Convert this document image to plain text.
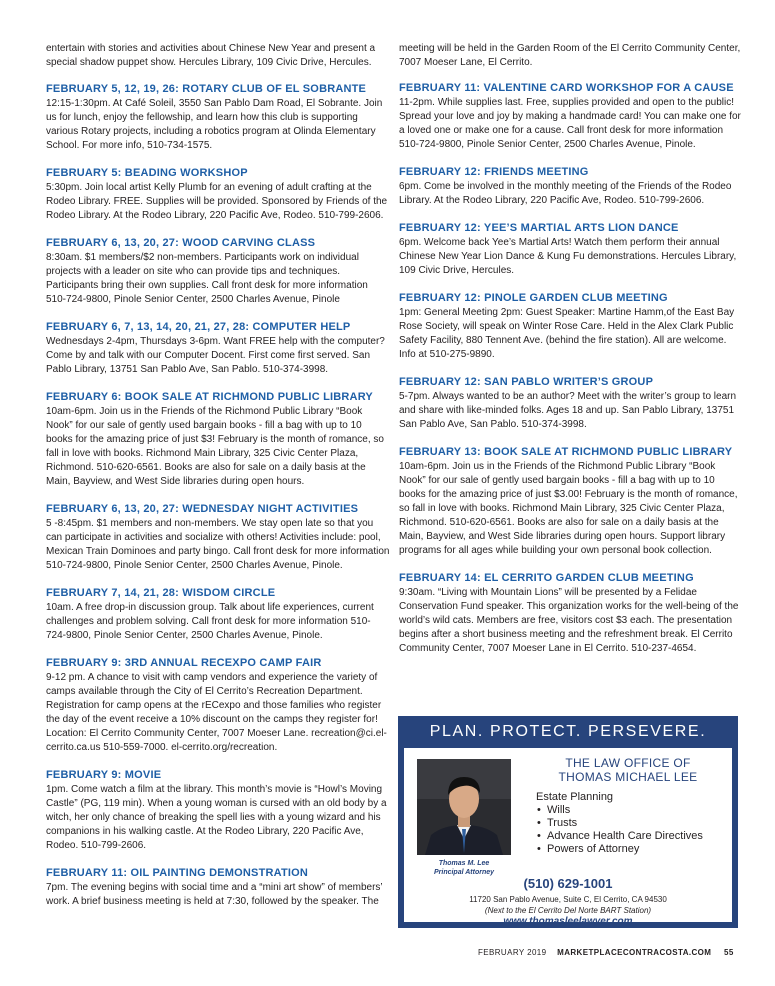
entertain with stories and activities about Chinese New Year and present a special shadow puppet show. Hercules Library, 109 Civic Drive, Hercules.

FEBRUARY 5, 12, 19, 26: ROTARY CLUB OF EL SOBRANTE

12:15-1:30pm. At Café Soleil, 3550 San Pablo Dam Road, El Sobrante. Join us for lunch, enjoy the fellowship, and learn how this club is supporting various Rotary projects, including a robotics program at Olinda Elementary School. For more info, 510-734-1575.

FEBRUARY 5: BEADING WORKSHOP

5:30pm. Join local artist Kelly Plumb for an evening of adult crafting at the Rodeo Library. FREE. Supplies will be provided. Sponsored by Friends of the Rodeo Library. At the Rodeo Library, 220 Pacific Ave, Rodeo. 510-799-2606.

FEBRUARY 6, 13, 20, 27: WOOD CARVING CLASS

8:30am. $1 members/$2 non-members. Participants work on individual projects with a leader on site who can provide tips and techniques. Participants bring their own supplies. Call front desk for more information 510-724-9800, Pinole Senior Center, 2500 Charles Avenue, Pinole

FEBRUARY 6, 7, 13, 14, 20, 21, 27, 28: COMPUTER HELP

Wednesdays 2-4pm, Thursdays 3-6pm. Want FREE help with the computer? Come by and talk with our Computer Docent. First come first served. San Pablo Library, 13751 San Pablo Ave, San Pablo. 510-374-3998.

FEBRUARY 6: BOOK SALE AT RICHMOND PUBLIC LIBRARY

10am-6pm. Join us in the Friends of the Richmond Public Library “Book Nook” for our sale of gently used bargain books - fill a bag with up to 10 books for the amazing price of just $3! February is the month of romance, so fall in love with books. Richmond Main Library, 325 Civic Center Plaza, Richmond. 510-620-6561. Books are also for sale on a daily basis at the Main, Bayview, and West Side libraries during open hours.

FEBRUARY 6, 13, 20, 27: WEDNESDAY NIGHT ACTIVITIES

5 -8:45pm. $1 members and non-members. We stay open late so that you can participate in activities and socialize with others! Activities include: pool, Mexican Train Dominoes and party bingo. Call front desk for more information 510-724-9800, Pinole Senior Center, 2500 Charles Avenue, Pinole.

FEBRUARY 7, 14, 21, 28: WISDOM CIRCLE

10am. A free drop-in discussion group. Talk about life experiences, current challenges and problem solving. Call front desk for more information 510-724-9800, Pinole Senior Center, 2500 Charles Avenue, Pinole.

FEBRUARY 9: 3RD ANNUAL RECEXPO CAMP FAIR

9-12 pm. A chance to visit with camp vendors and experience the variety of camps available through the City of El Cerrito’s Recreation Department. Registration for camp opens at the rECexpo and those families who register the day of the event receive a 10% discount on the camps they register for! Location: El Cerrito Community Center, 7007 Moeser Lane. recreation@ci.el-cerrito.ca.us 510-559-7000. el-cerrito.org/recreation.

FEBRUARY 9: MOVIE

1pm. Come watch a film at the library. This month’s movie is “Howl’s Moving Castle” (PG, 119 min). When a young woman is cursed with an old body by a witch, her only chance of breaking the spell lies with a young wizard and his companions in his walking castle. At the Rodeo Library, 220 Pacific Ave, Rodeo. 510-799-2606.

FEBRUARY 11: OIL PAINTING DEMONSTRATION

7pm. The evening begins with social time and a “mini art show” of members’ work. A brief business meeting is held at 7:30, followed by the speaker. The

meeting will be held in the Garden Room of the El Cerrito Community Center, 7007 Moeser Lane, El Cerrito.

FEBRUARY 11: VALENTINE CARD WORKSHOP FOR A CAUSE

11-2pm. While supplies last. Free, supplies provided and open to the public! Spread your love and joy by making a handmade card! You can make one for a loved one or make one for a cause. Call front desk for more information 510-724-9800, Pinole Senior Center, 2500 Charles Avenue, Pinole.

FEBRUARY 12: FRIENDS MEETING

6pm. Come be involved in the monthly meeting of the Friends of the Rodeo Library. At the Rodeo Library, 220 Pacific Ave, Rodeo. 510-799-2606.

FEBRUARY 12: YEE’S MARTIAL ARTS LION DANCE

6pm. Welcome back Yee’s Martial Arts! Watch them perform their annual Chinese New Year Lion Dance & Kung Fu demonstrations. Hercules Library, 109 Civic Drive, Hercules.

FEBRUARY 12: PINOLE GARDEN CLUB MEETING

1pm: General Meeting 2pm: Guest Speaker: Martine Hamm,of the East Bay Rose Society, will speak on Winter Rose Care. Held in the Alex Clark Public Safety Facility, 880 Tennent Ave. (behind the fire station). All are welcome. Info at 510-275-9890.

FEBRUARY 12: SAN PABLO WRITER’S GROUP

5-7pm. Always wanted to be an author? Meet with the writer’s group to learn and share with like-minded folks. Ages 18 and up. San Pablo Library, 13751 San Pablo Ave, San Pablo. 510-374-3998.

FEBRUARY 13: BOOK SALE AT RICHMOND PUBLIC LIBRARY

10am-6pm. Join us in the Friends of the Richmond Public Library “Book Nook” for our sale of gently used bargain books - fill a bag with up to 10 books for the amazing price of just $3.00! February is the month of romance, so fall in love with books. Richmond Main Library, 325 Civic Center Plaza, Richmond. 510-620-6561. Books are also for sale on a daily basis at the Main, Bayview, and West Side libraries during open hours. Support library programs for all ages while building your own personal book collection.

FEBRUARY 14: EL CERRITO GARDEN CLUB MEETING

9:30am. “Living with Mountain Lions” will be presented by a Felidae Conservation Fund speaker. This organization works for the well-being of the world’s wild cats. Members are free, visitors cost $3 each. The presentation begins after a short business meeting and the refreshment break. El Cerrito Community Center, 7007 Moeser Lane in El Cerrito. 510-237-4654.

PLAN. PROTECT. PERSEVERE.
Thomas M. Lee
Principal Attorney
THE LAW OFFICE OF
THOMAS MICHAEL LEE
Estate Planning
• Wills
• Trusts
• Advance Health Care Directives
• Powers of Attorney
(510) 629-1001
11720 San Pablo Avenue, Suite C, El Cerrito, CA 94530
(Next to the El Cerrito Del Norte BART Station)
www.thomasleelawyer.com
FEBRUARY 2019 MARKETPLACECONTRACOSTA.COM 55
